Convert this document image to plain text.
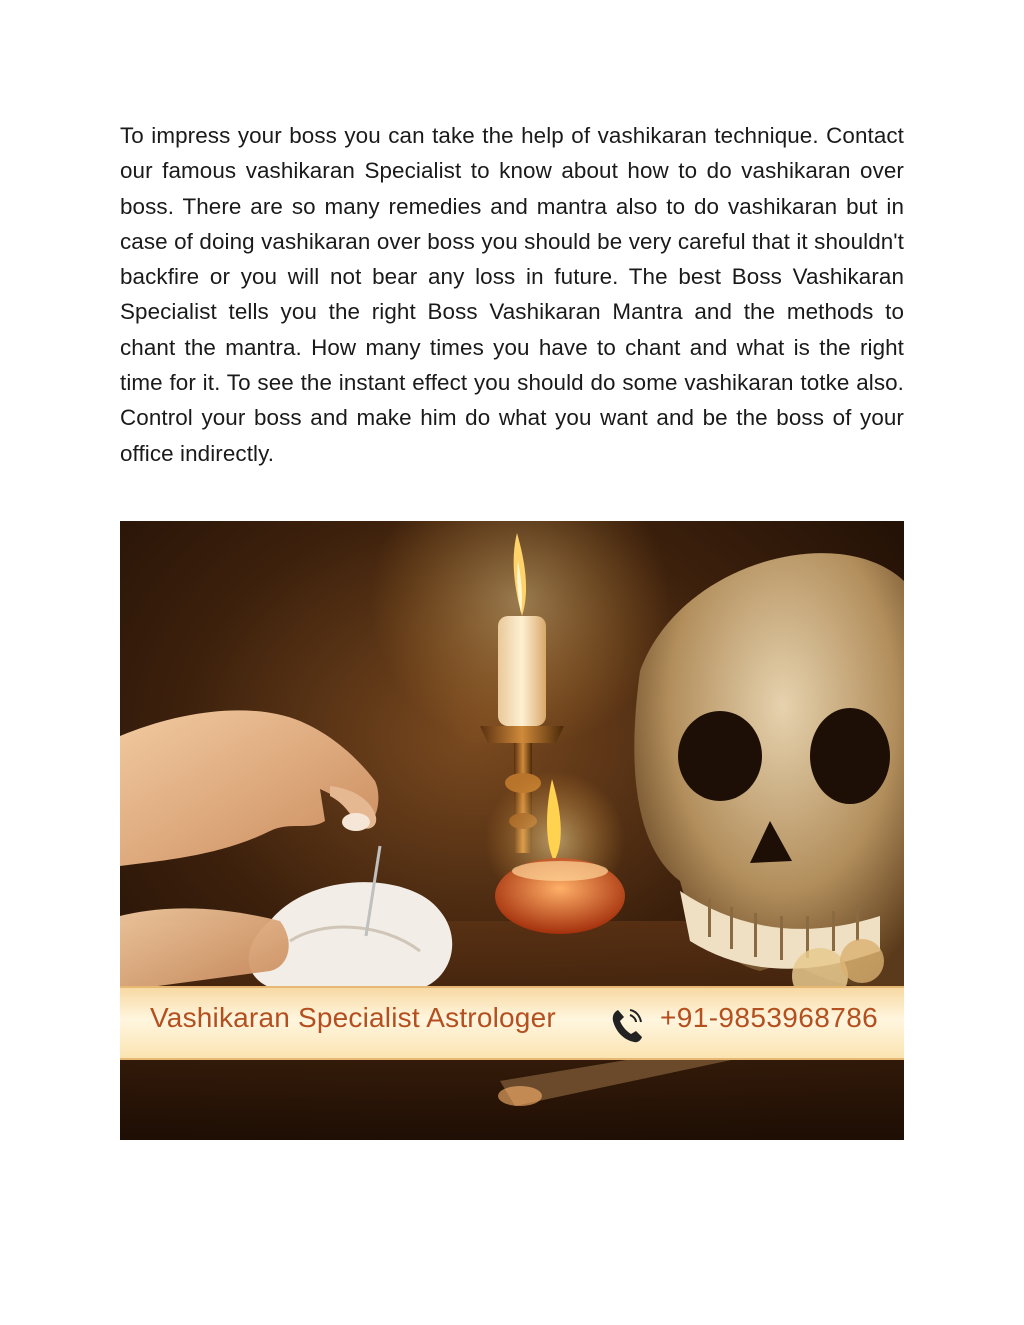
To impress your boss you can take the help of vashikaran technique. Contact our famous vashikaran Specialist to know about how to do vashikaran over boss. There are so many remedies and mantra also to do vashikaran but in case of doing vashikaran over boss you should be very careful that it shouldn't backfire or you will not bear any loss in future. The best Boss Vashikaran Specialist tells you the right Boss Vashikaran Mantra and the methods to chant the mantra. How many times you have to chant and what is the right time for it. To see the instant effect you should do some vashikaran totke also. Control your boss and make him do what you want and be the boss of your office indirectly.

Vashikaran Specialist Astrologer	+91-9853968786
